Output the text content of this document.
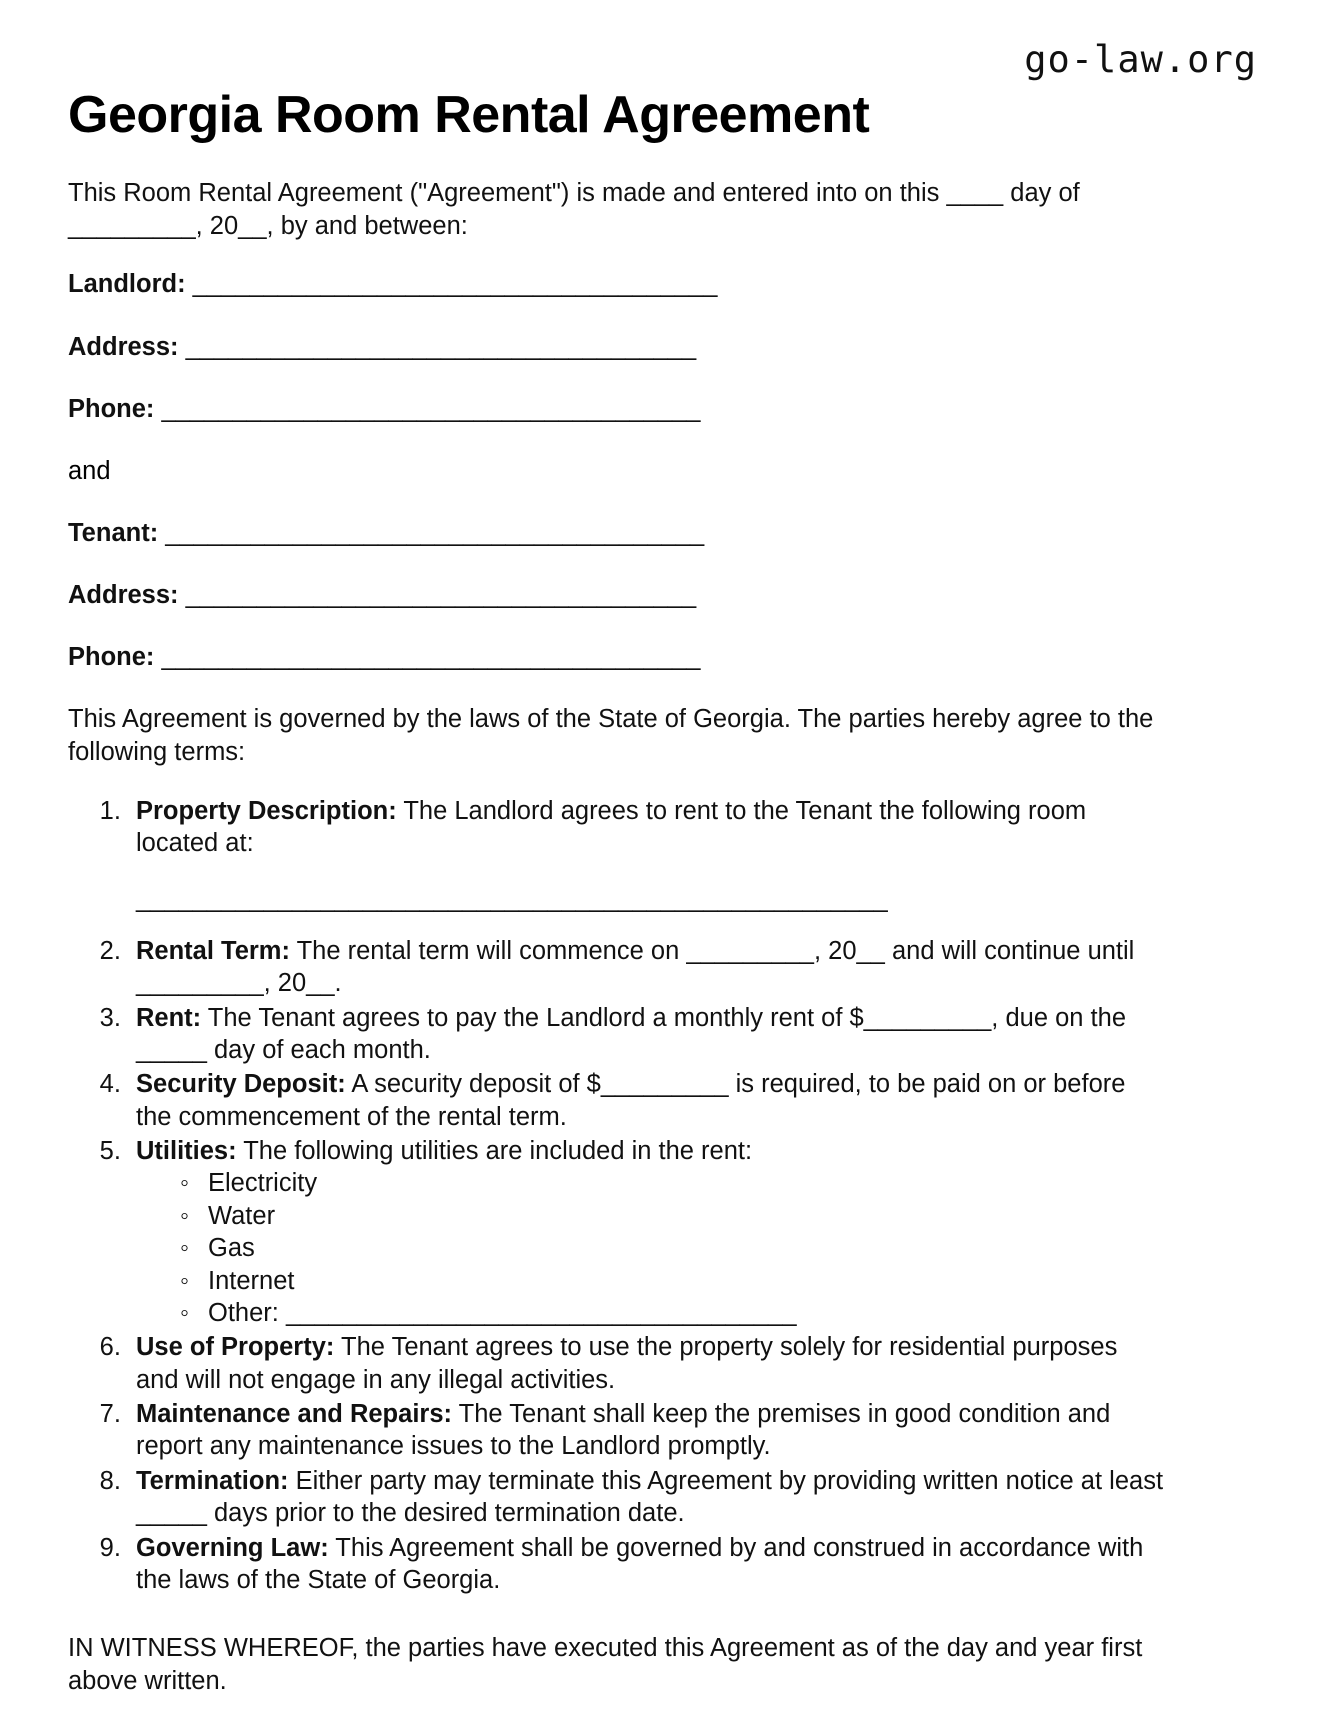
go-law.org
Georgia Room Rental Agreement

This Room Rental Agreement ("Agreement") is made and entered into on this ____ day of _________, 20__, by and between:

Landlord: _____________________________________
Address: ____________________________________
Phone: ______________________________________
and
Tenant: ______________________________________
Address: ____________________________________
Phone: ______________________________________

This Agreement is governed by the laws of the State of Georgia. The parties hereby agree to the following terms:

1. Property Description: The Landlord agrees to rent to the Tenant the following room located at:
_____________________________________________________
2. Rental Term: The rental term will commence on _________, 20__ and will continue until _________, 20__.
3. Rent: The Tenant agrees to pay the Landlord a monthly rent of $_________, due on the _____ day of each month.
4. Security Deposit: A security deposit of $_________ is required, to be paid on or before the commencement of the rental term.
5. Utilities: The following utilities are included in the rent:
◦ Electricity
◦ Water
◦ Gas
◦ Internet
◦ Other: ____________________________________
6. Use of Property: The Tenant agrees to use the property solely for residential purposes and will not engage in any illegal activities.
7. Maintenance and Repairs: The Tenant shall keep the premises in good condition and report any maintenance issues to the Landlord promptly.
8. Termination: Either party may terminate this Agreement by providing written notice at least _____ days prior to the desired termination date.
9. Governing Law: This Agreement shall be governed by and construed in accordance with the laws of the State of Georgia.

IN WITNESS WHEREOF, the parties have executed this Agreement as of the day and year first above written.
